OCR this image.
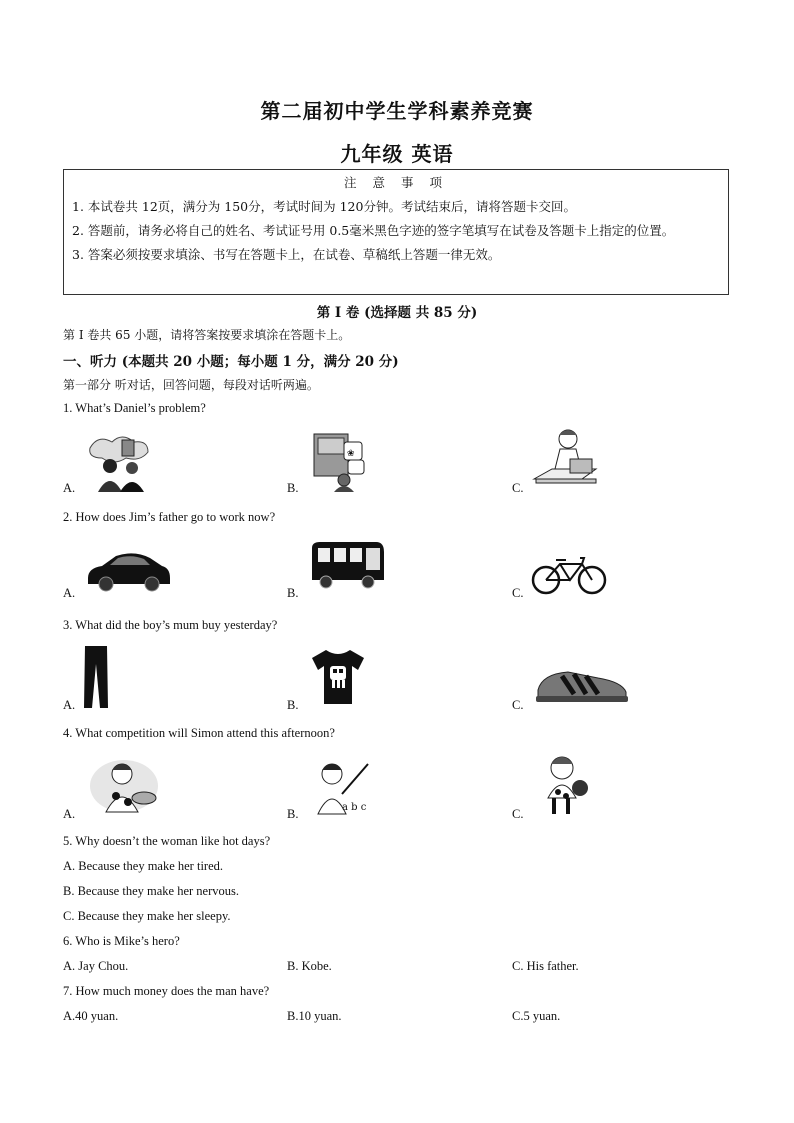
第二届初中学生学科素养竞赛
九年级 英语
注 意 事 项

1. 本试卷共 12页，满分为 150分，考试时间为 120分钟。考试结束后，请将答题卡交回。

2. 答题前，请务必将自己的姓名、考试证号用 0.5毫米黑色字迹的签字笔填写在试卷及答题卡上指定的位置。

3. 答案必须按要求填涂、书写在答题卡上，在试卷、草稿纸上答题一律无效。

第 I 卷 (选择题 共 85 分)
第 I 卷共 65 小题，请将答案按要求填涂在答题卡上。
一、听力 (本题共 20 小题；每小题 1 分，满分 20 分)
第一部分 听对话，回答问题，每段对话听两遍。
1. What’s Daniel’s problem?
A.	B.	C.
❀
2. How does Jim’s father go to work now?
A.	B.	C.
3. What did the boy’s mum buy yesterday?
A.	B.	C.
4. What competition will Simon attend this afternoon?
A.	B.	C.
a b c
5. Why doesn’t the woman like hot days?
A. Because they make her tired.
B. Because they make her nervous.
C. Because they make her sleepy.
6. Who is Mike’s hero?
A. Jay Chou.	B. Kobe.	C. His father.
7. How much money does the man have?
A.40 yuan.	B.10 yuan.	C.5 yuan.
